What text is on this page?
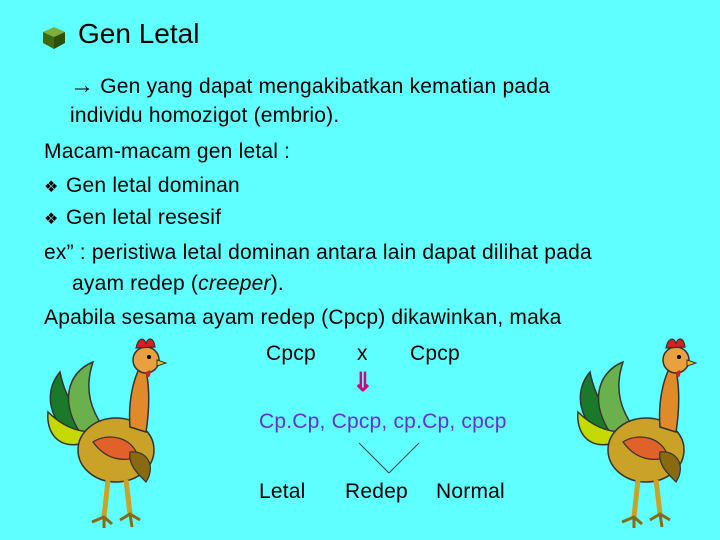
Gen Letal
→ Gen yang dapat mengakibatkan kematian pada
individu homozigot (embrio).
Macam-macam gen letal :
❖ Gen letal dominan
❖ Gen letal resesif
ex” : peristiwa letal dominan antara lain dapat dilihat pada
ayam redep (creeper).
Apabila sesama ayam redep (Cpcp) dikawinkan, maka
Cpcp x Cpcp
⇓
Cp.Cp, Cpcp, cp.Cp, cpcp
Letal Redep Normal
